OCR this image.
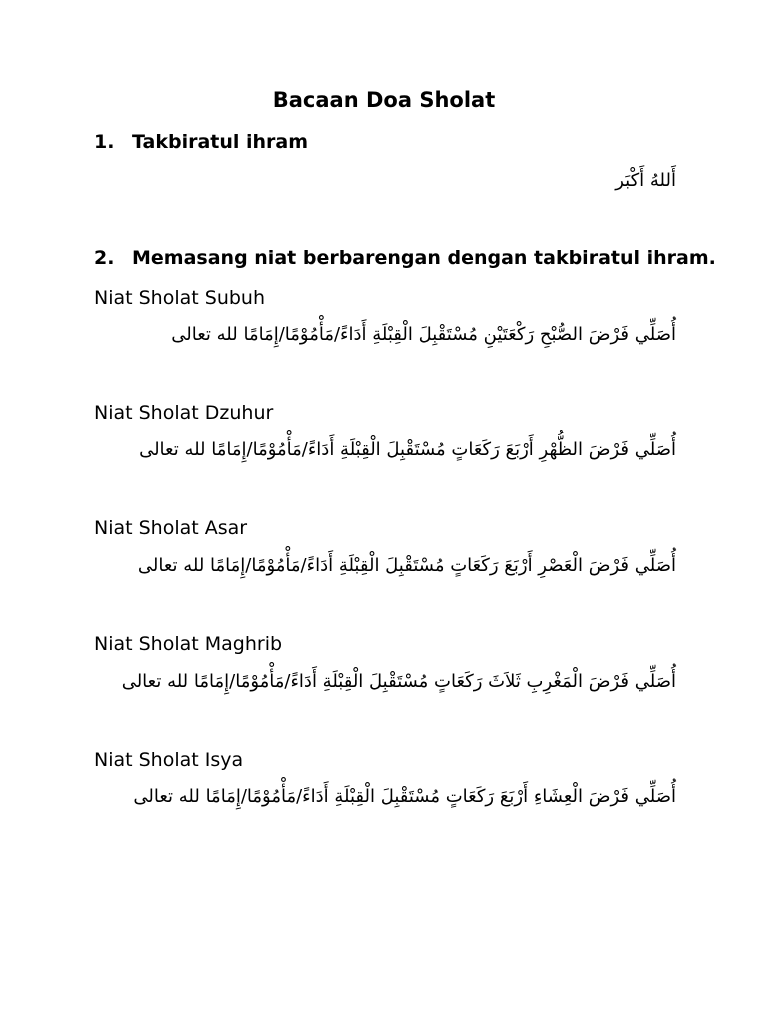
Bacaan Doa Sholat
1. Takbiratul ihram
أَللهُ أَكْبَر
2. Memasang niat berbarengan dengan takbiratul ihram.
Niat Sholat Subuh
أُصَلِّي فَرْضَ الصُّبْحِ رَكْعَتَيْنِ مُسْتَقْبِلَ الْقِبْلَةِ أَدَاءً/مَأْمُوْمًا/إِمَامًا لله تعالى
Niat Sholat Dzuhur
أُصَلِّي فَرْضَ الظُّهْرِ أَرْبَعَ رَكَعَاتٍ مُسْتَقْبِلَ الْقِبْلَةِ أَدَاءً/مَأْمُوْمًا/إِمَامًا لله تعالى
Niat Sholat Asar
أُصَلِّي فَرْضَ الْعَصْرِ أَرْبَعَ رَكَعَاتٍ مُسْتَقْبِلَ الْقِبْلَةِ أَدَاءً/مَأْمُوْمًا/إِمَامًا لله تعالى
Niat Sholat Maghrib
أُصَلِّي فَرْضَ الْمَغْرِبِ ثَلاَثَ رَكَعَاتٍ مُسْتَقْبِلَ الْقِبْلَةِ أَدَاءً/مَأْمُوْمًا/إِمَامًا لله تعالى
Niat Sholat Isya
أُصَلِّي فَرْضَ الْعِشَاءِ أَرْبَعَ رَكَعَاتٍ مُسْتَقْبِلَ الْقِبْلَةِ أَدَاءً/مَأْمُوْمًا/إِمَامًا لله تعالى
